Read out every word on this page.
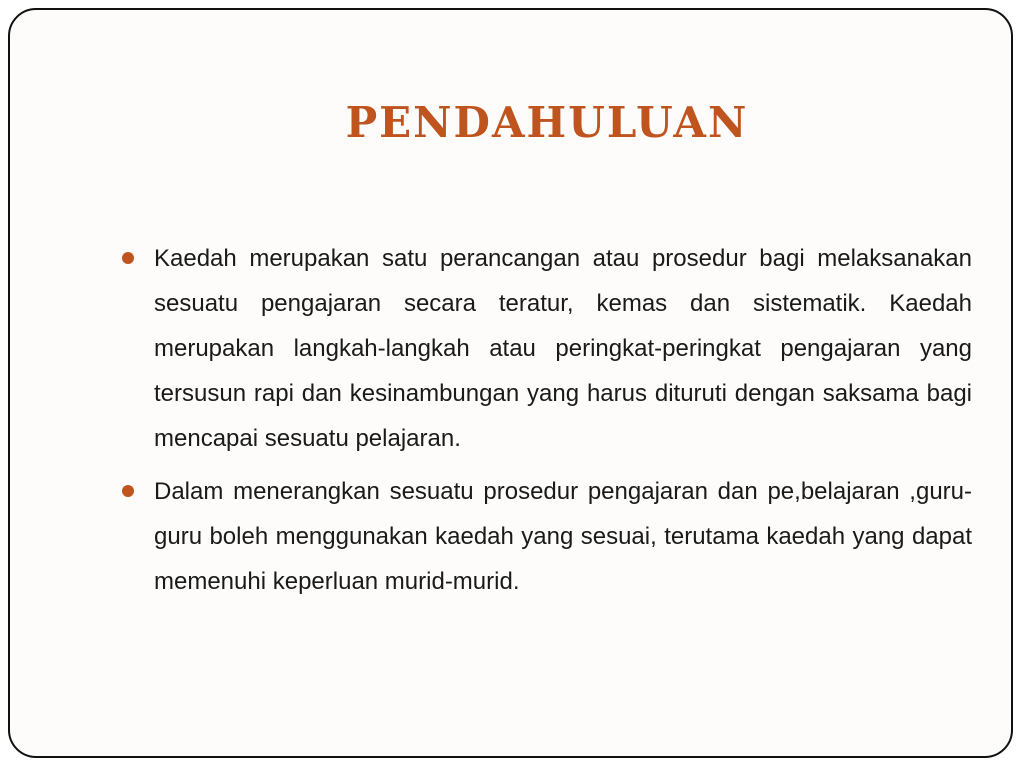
PENDAHULUAN
Kaedah merupakan satu perancangan atau prosedur bagi melaksanakan sesuatu pengajaran secara teratur, kemas dan sistematik. Kaedah merupakan langkah-langkah atau peringkat-peringkat pengajaran yang tersusun rapi dan kesinambungan yang harus dituruti dengan saksama bagi mencapai sesuatu pelajaran.
Dalam menerangkan sesuatu prosedur pengajaran dan pe,belajaran ,guru-guru boleh menggunakan kaedah yang sesuai, terutama kaedah yang dapat memenuhi keperluan murid-murid.
